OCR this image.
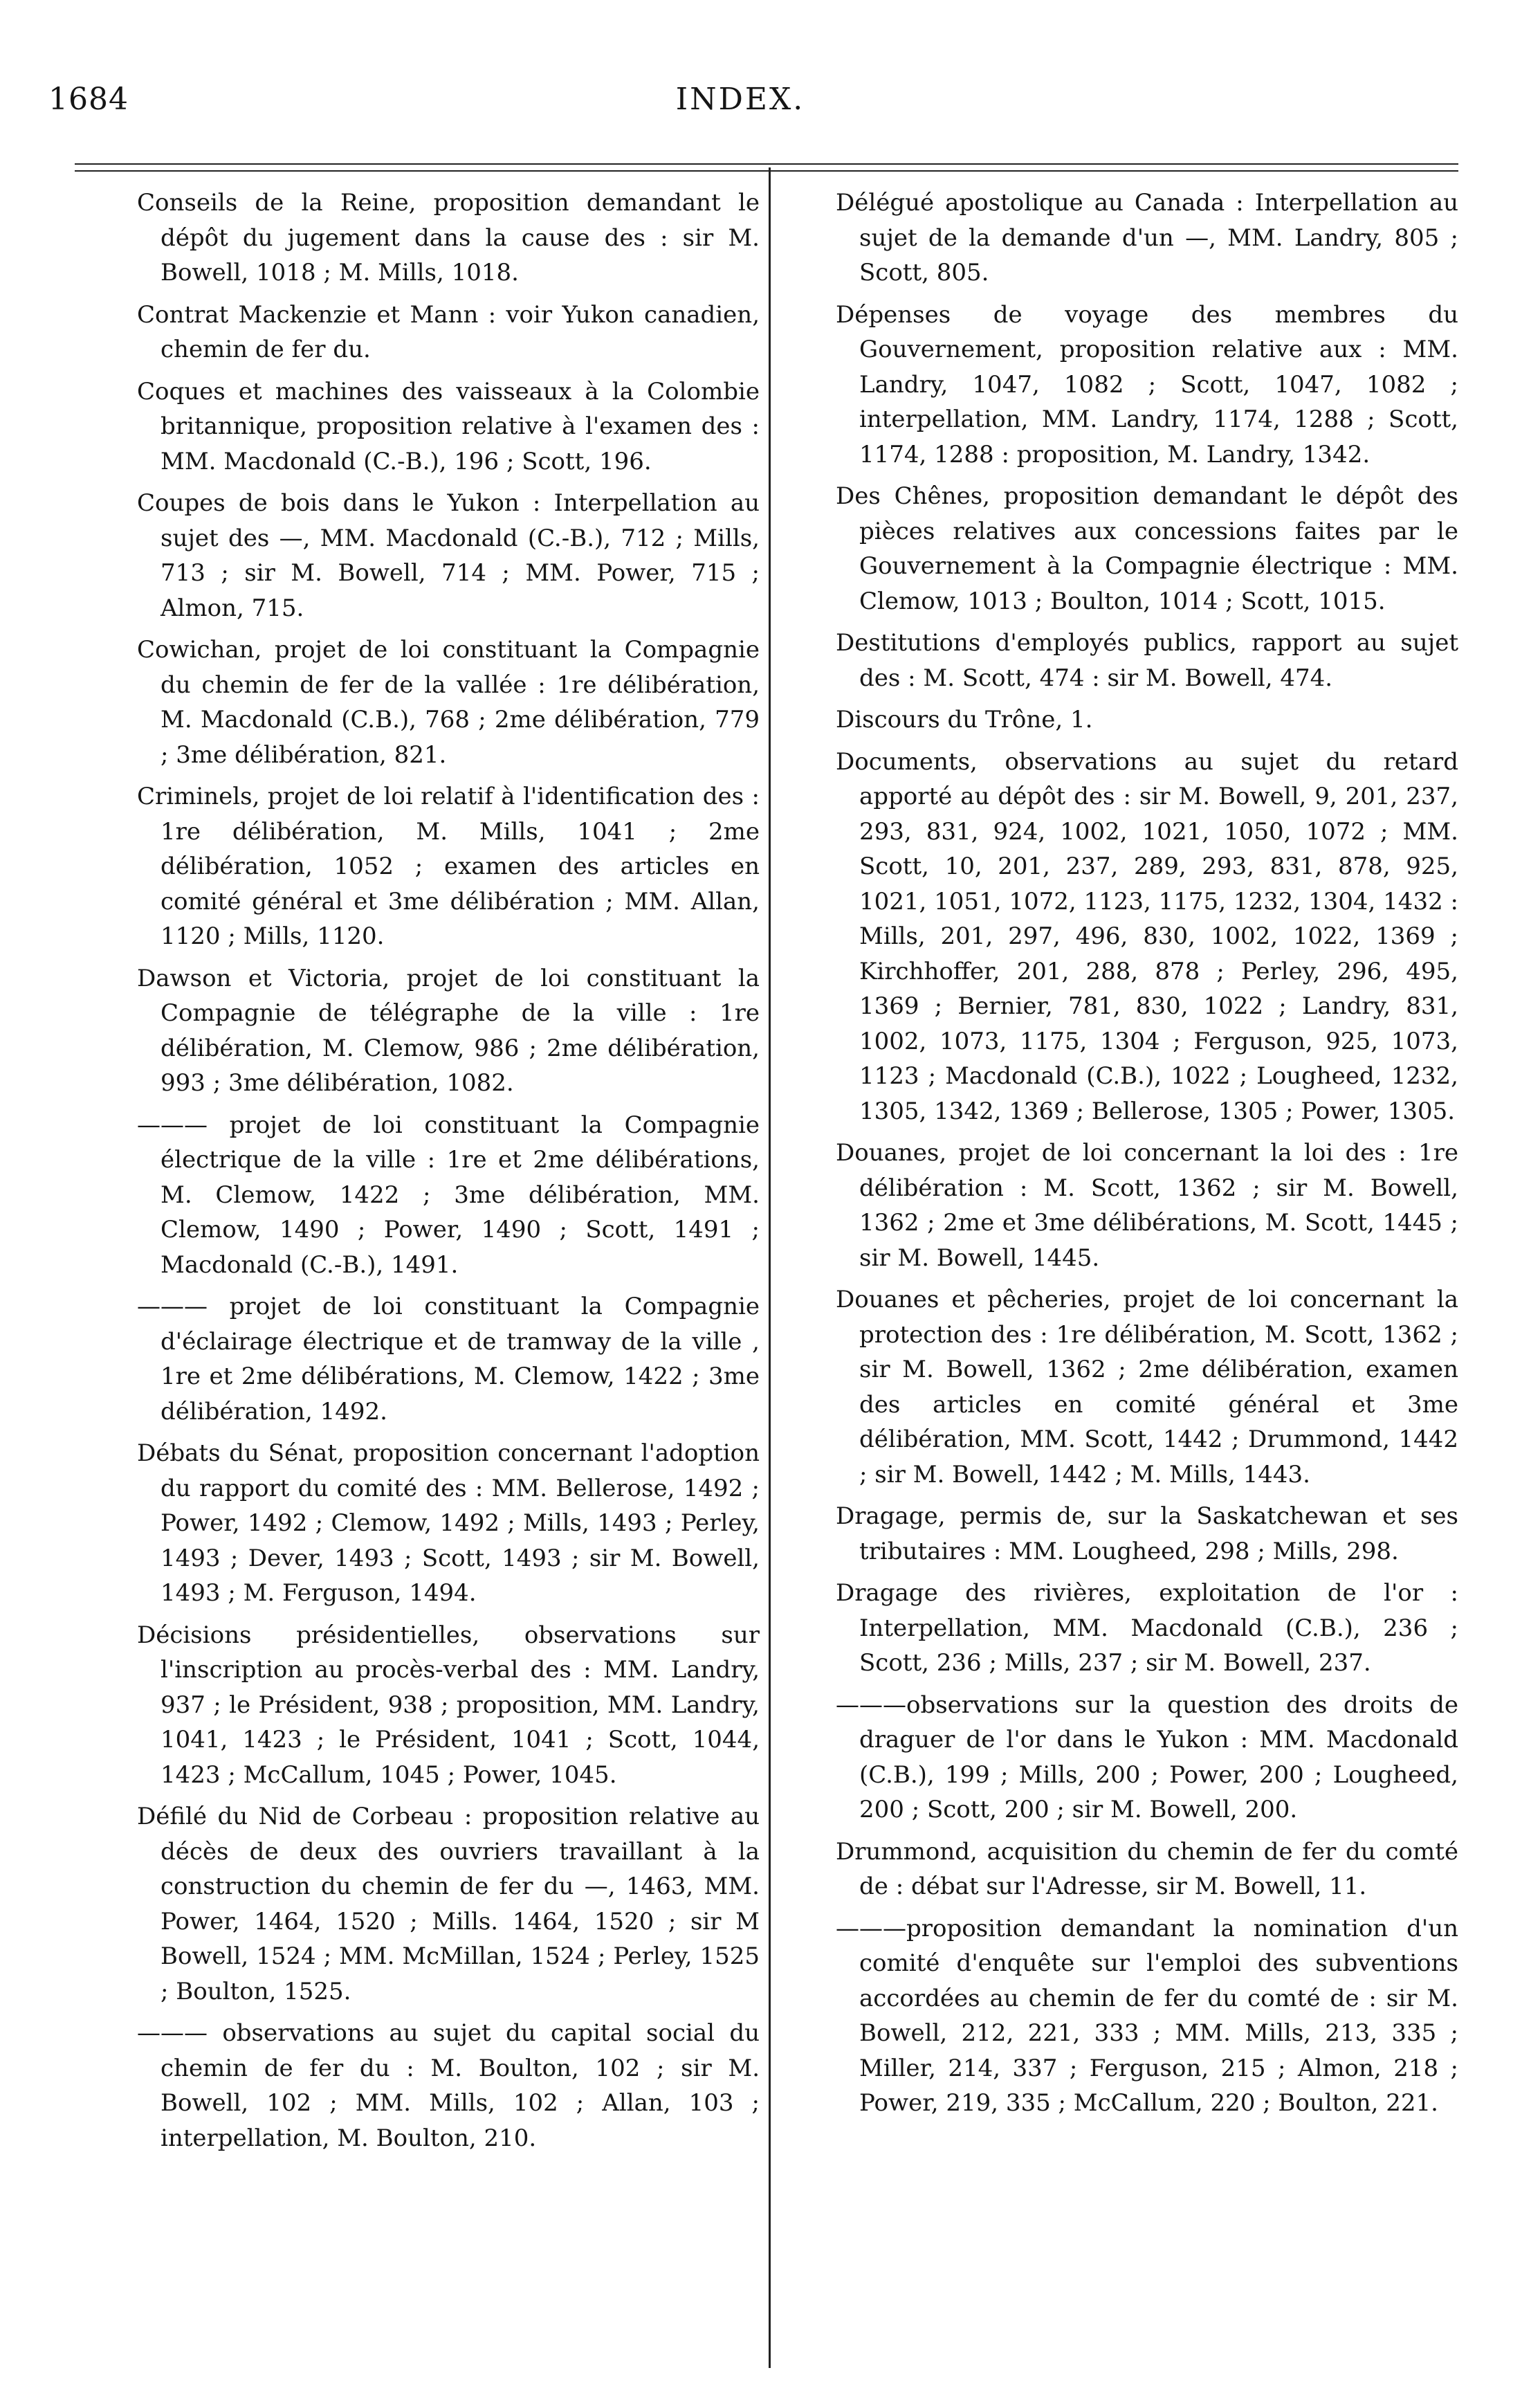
1684	INDEX.

Conseils de la Reine, proposition demandant le dépôt du jugement dans la cause des : sir M. Bowell, 1018 ; M. Mills, 1018.

Contrat Mackenzie et Mann : voir Yukon canadien, chemin de fer du.

Coques et machines des vaisseaux à la Colombie britannique, proposition relative à l'examen des : MM. Macdonald (C.-B.), 196 ; Scott, 196.

Coupes de bois dans le Yukon : Interpellation au sujet des —, MM. Macdonald (C.-B.), 712 ; Mills, 713 ; sir M. Bowell, 714 ; MM. Power, 715 ; Almon, 715.

Cowichan, projet de loi constituant la Compagnie du chemin de fer de la vallée : 1re délibération, M. Macdonald (C.B.), 768 ; 2me délibération, 779 ; 3me délibération, 821.

Criminels, projet de loi relatif à l'identification des : 1re délibération, M. Mills, 1041 ; 2me délibération, 1052 ; examen des articles en comité général et 3me délibération ; MM. Allan, 1120 ; Mills, 1120.

Dawson et Victoria, projet de loi constituant la Compagnie de télégraphe de la ville : 1re délibération, M. Clemow, 986 ; 2me délibération, 993 ; 3me délibération, 1082.

——— projet de loi constituant la Compagnie électrique de la ville : 1re et 2me délibérations, M. Clemow, 1422 ; 3me délibération, MM. Clemow, 1490 ; Power, 1490 ; Scott, 1491 ; Macdonald (C.-B.), 1491.

——— projet de loi constituant la Compagnie d'éclairage électrique et de tramway de la ville , 1re et 2me délibérations, M. Clemow, 1422 ; 3me délibération, 1492.

Débats du Sénat, proposition concernant l'adoption du rapport du comité des : MM. Bellerose, 1492 ; Power, 1492 ; Clemow, 1492 ; Mills, 1493 ; Perley, 1493 ; Dever, 1493 ; Scott, 1493 ; sir M. Bowell, 1493 ; M. Ferguson, 1494.

Décisions présidentielles, observations sur l'inscription au procès-verbal des : MM. Landry, 937 ; le Président, 938 ; proposition, MM. Landry, 1041, 1423 ; le Président, 1041 ; Scott, 1044, 1423 ; McCallum, 1045 ; Power, 1045.

Défilé du Nid de Corbeau : proposition relative au décès de deux des ouvriers travaillant à la construction du chemin de fer du —, 1463, MM. Power, 1464, 1520 ; Mills. 1464, 1520 ; sir M Bowell, 1524 ; MM. McMillan, 1524 ; Perley, 1525 ; Boulton, 1525.

——— observations au sujet du capital social du chemin de fer du : M. Boulton, 102 ; sir M. Bowell, 102 ; MM. Mills, 102 ; Allan, 103 ; interpellation, M. Boulton, 210.

Délégué apostolique au Canada : Interpellation au sujet de la demande d'un —, MM. Landry, 805 ; Scott, 805.

Dépenses de voyage des membres du Gouvernement, proposition relative aux : MM. Landry, 1047, 1082 ; Scott, 1047, 1082 ; interpellation, MM. Landry, 1174, 1288 ; Scott, 1174, 1288 : proposition, M. Landry, 1342.

Des Chênes, proposition demandant le dépôt des pièces relatives aux concessions faites par le Gouvernement à la Compagnie électrique : MM. Clemow, 1013 ; Boulton, 1014 ; Scott, 1015.

Destitutions d'employés publics, rapport au sujet des : M. Scott, 474 : sir M. Bowell, 474.

Discours du Trône, 1.

Documents, observations au sujet du retard apporté au dépôt des : sir M. Bowell, 9, 201, 237, 293, 831, 924, 1002, 1021, 1050, 1072 ; MM. Scott, 10, 201, 237, 289, 293, 831, 878, 925, 1021, 1051, 1072, 1123, 1175, 1232, 1304, 1432 : Mills, 201, 297, 496, 830, 1002, 1022, 1369 ; Kirchhoffer, 201, 288, 878 ; Perley, 296, 495, 1369 ; Bernier, 781, 830, 1022 ; Landry, 831, 1002, 1073, 1175, 1304 ; Ferguson, 925, 1073, 1123 ; Macdonald (C.B.), 1022 ; Lougheed, 1232, 1305, 1342, 1369 ; Bellerose, 1305 ; Power, 1305.

Douanes, projet de loi concernant la loi des : 1re délibération : M. Scott, 1362 ; sir M. Bowell, 1362 ; 2me et 3me délibérations, M. Scott, 1445 ; sir M. Bowell, 1445.

Douanes et pêcheries, projet de loi concernant la protection des : 1re délibération, M. Scott, 1362 ; sir M. Bowell, 1362 ; 2me délibération, examen des articles en comité général et 3me délibération, MM. Scott, 1442 ; Drummond, 1442 ; sir M. Bowell, 1442 ; M. Mills, 1443.

Dragage, permis de, sur la Saskatchewan et ses tributaires : MM. Lougheed, 298 ; Mills, 298.

Dragage des rivières, exploitation de l'or : Interpellation, MM. Macdonald (C.B.), 236 ; Scott, 236 ; Mills, 237 ; sir M. Bowell, 237.

———observations sur la question des droits de draguer de l'or dans le Yukon : MM. Macdonald (C.B.), 199 ; Mills, 200 ; Power, 200 ; Lougheed, 200 ; Scott, 200 ; sir M. Bowell, 200.

Drummond, acquisition du chemin de fer du comté de : débat sur l'Adresse, sir M. Bowell, 11.

———proposition demandant la nomination d'un comité d'enquête sur l'emploi des subventions accordées au chemin de fer du comté de : sir M. Bowell, 212, 221, 333 ; MM. Mills, 213, 335 ; Miller, 214, 337 ; Ferguson, 215 ; Almon, 218 ; Power, 219, 335 ; McCallum, 220 ; Boulton, 221.
